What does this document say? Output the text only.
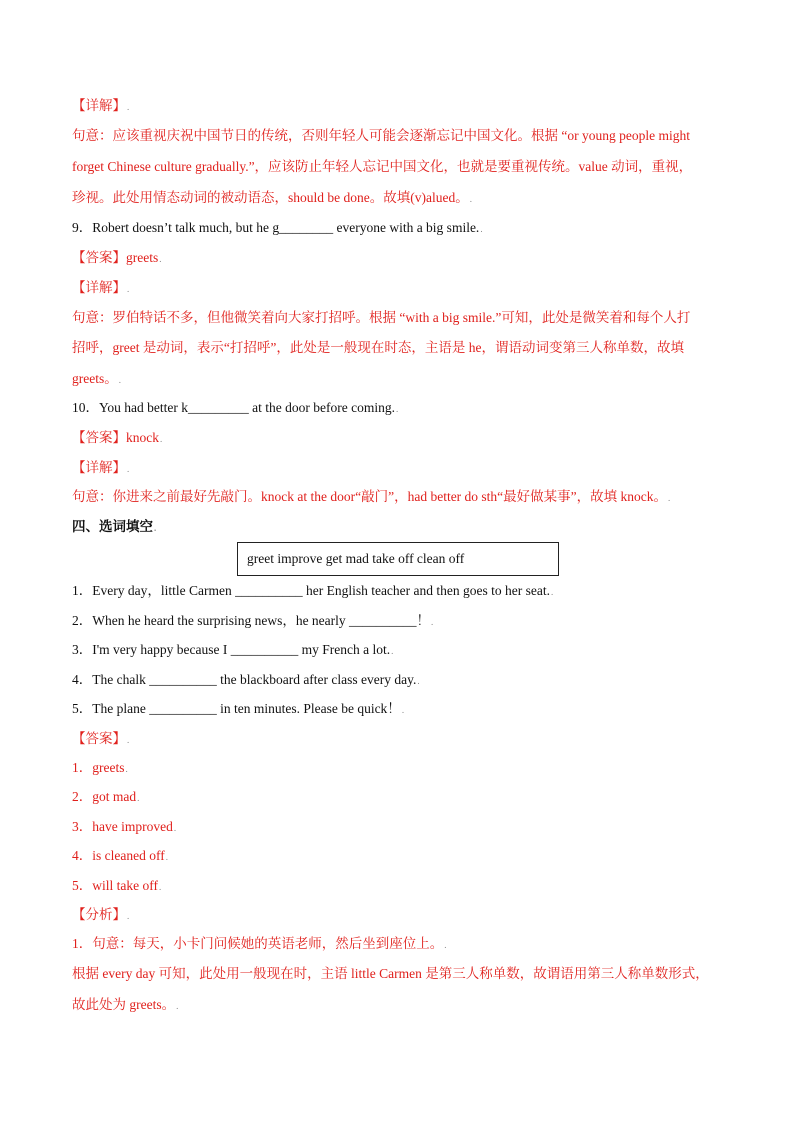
【详解】.
句意：应该重视庆祝中国节日的传统，否则年轻人可能会逐渐忘记中国文化。根据 “or young people might
forget Chinese culture gradually.”，应该防止年轻人忘记中国文化，也就是要重视传统。value 动词，重视，
珍视。此处用情态动词的被动语态，should be done。故填(v)alued。.
9．Robert doesn’t talk much, but he g________ everyone with a big smile..
【答案】greets.
【详解】.
句意：罗伯特话不多，但他微笑着向大家打招呼。根据 “with a big smile.”可知，此处是微笑着和每个人打
招呼，greet 是动词，表示“打招呼”，此处是一般现在时态，主语是 he，谓语动词变第三人称单数，故填
greets。.
10．You had better k_________ at the door before coming..
【答案】knock.
【详解】.
句意：你进来之前最好先敲门。knock at the door“敲门”，had better do sth“最好做某事”，故填 knock。.
四、选词填空.
greet improve get mad take off clean off
1．Every day，little Carmen __________ her English teacher and then goes to her seat..
2．When he heard the surprising news，he nearly __________！.
3．I'm very happy because I __________ my French a lot..
4．The chalk __________ the blackboard after class every day..
5．The plane __________ in ten minutes. Please be quick！.
【答案】.
1．greets.
2．got mad.
3．have improved.
4．is cleaned off.
5．will take off.
【分析】.
1．句意：每天，小卡门问候她的英语老师，然后坐到座位上。.
根据 every day 可知，此处用一般现在时，主语 little Carmen 是第三人称单数，故谓语用第三人称单数形式，
故此处为 greets。.
